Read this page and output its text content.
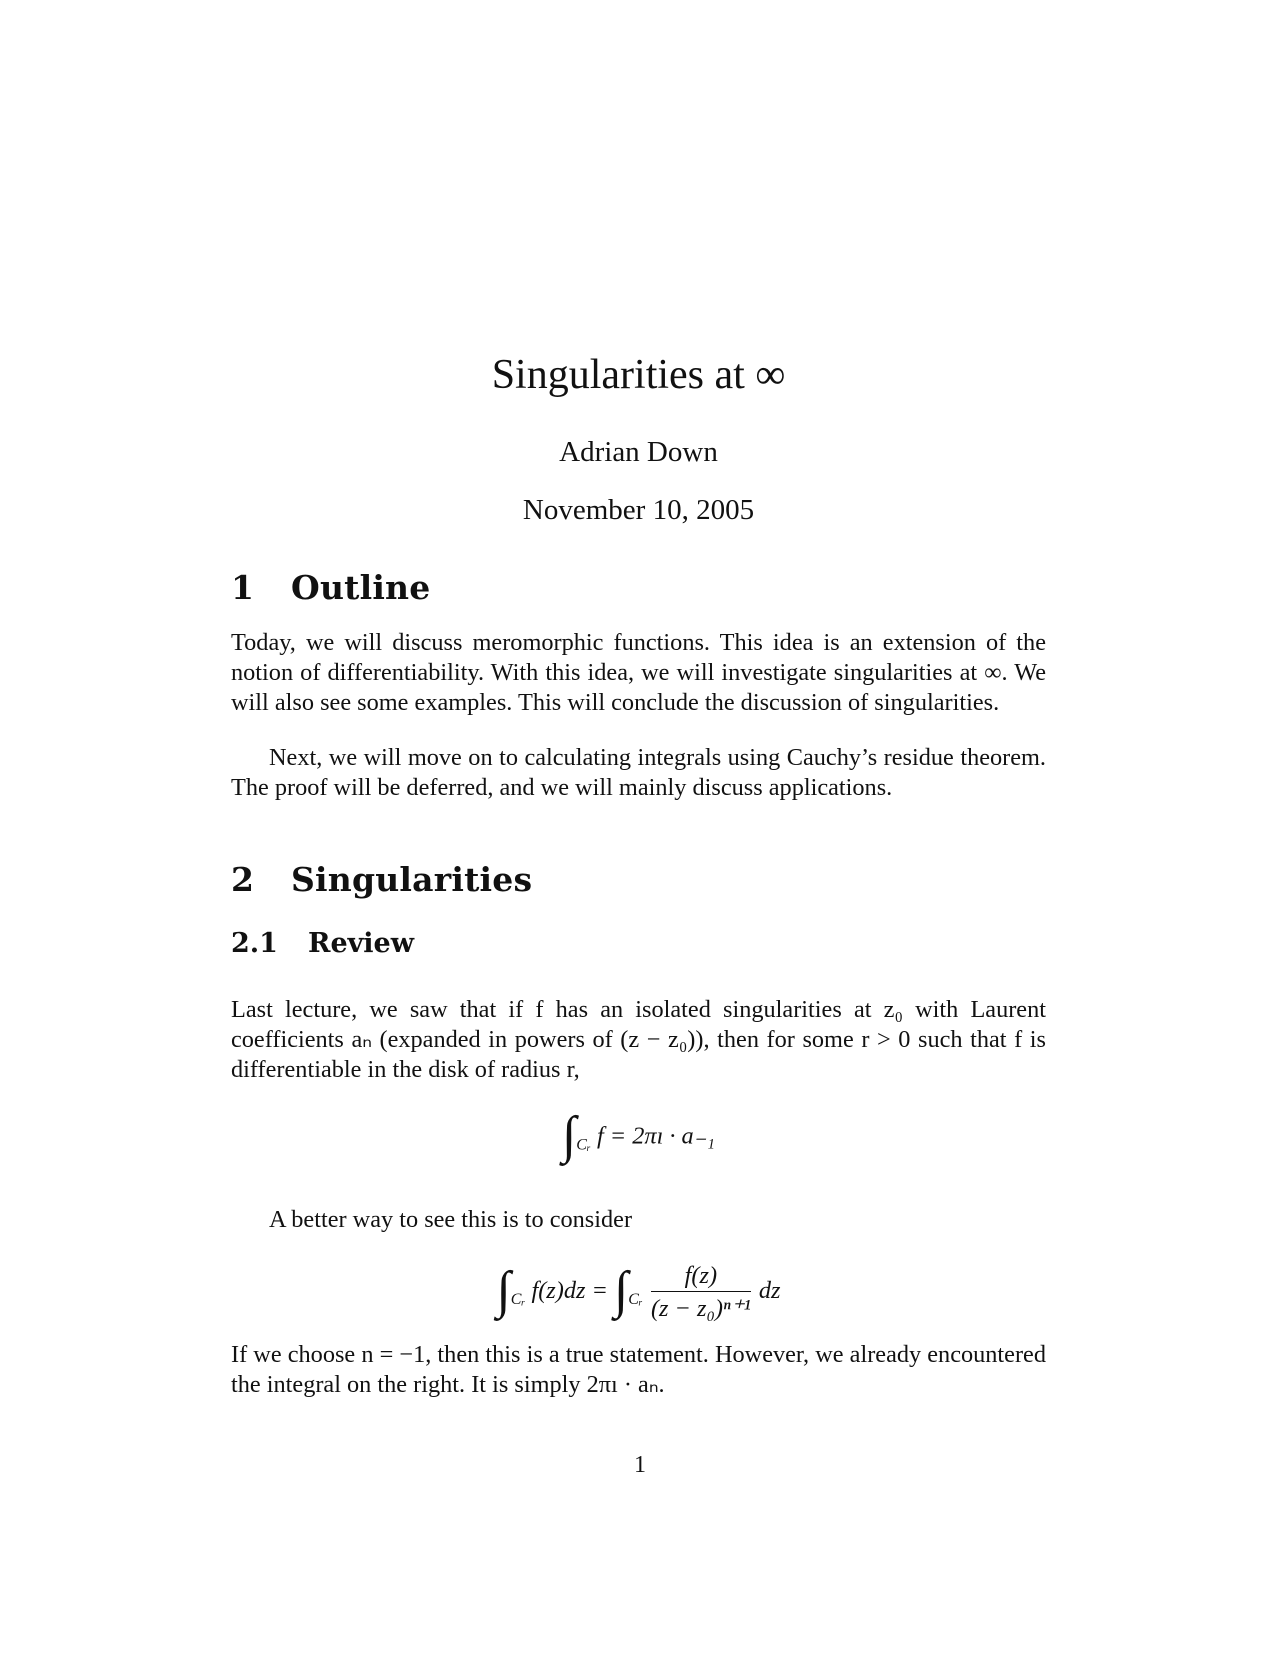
Singularities at ∞
Adrian Down
November 10, 2005
1 Outline
Today, we will discuss meromorphic functions. This idea is an extension of the notion of differentiability. With this idea, we will investigate singularities at ∞. We will also see some examples. This will conclude the discussion of singularities.
Next, we will move on to calculating integrals using Cauchy’s residue theorem. The proof will be deferred, and we will mainly discuss applications.
2 Singularities
2.1 Review
Last lecture, we saw that if f has an isolated singularities at z₀ with Laurent coefficients aₙ (expanded in powers of (z − z₀)), then for some r > 0 such that f is differentiable in the disk of radius r,
$\int_{Cᵣ}$ f = 2πı · a₋₁
A better way to see this is to consider
$\int_{Cᵣ}$ $f(z)dz = \int_{Cᵣ} \frac{f(z)}{\text{(z − z₀)ⁿ⁺¹}}$ dz
If we choose n = −1, then this is a true statement. However, we already encountered the integral on the right. It is simply 2πı · aₙ.
1
